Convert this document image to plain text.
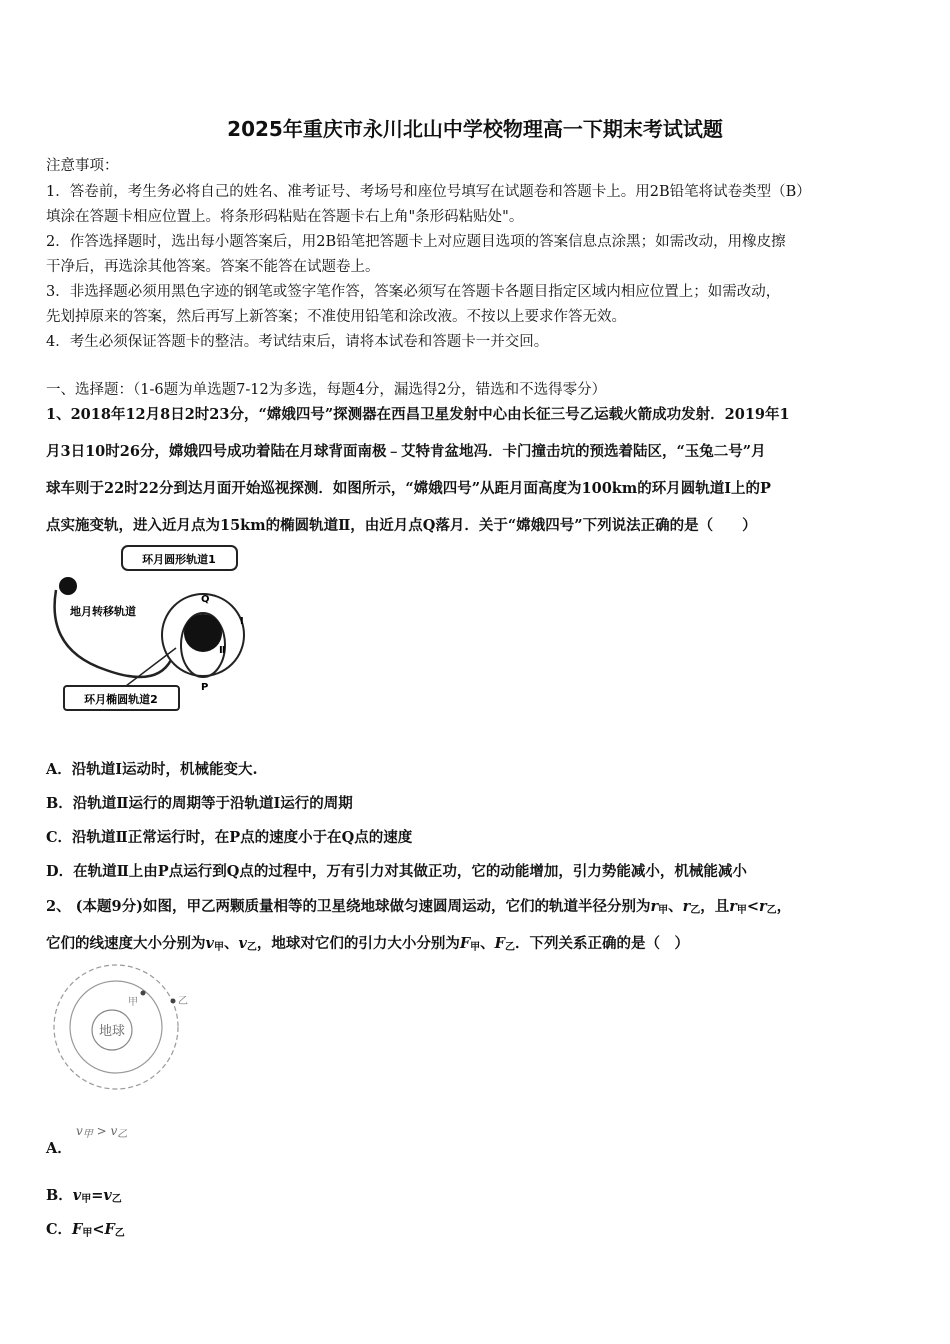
2025年重庆市永川北山中学校物理高一下期末考试试题
注意事项：
1．答卷前，考生务必将自己的姓名、准考证号、考场号和座位号填写在试题卷和答题卡上。用2B铅笔将试卷类型（B）
填涂在答题卡相应位置上。将条形码粘贴在答题卡右上角"条形码粘贴处"。
2．作答选择题时，选出每小题答案后，用2B铅笔把答题卡上对应题目选项的答案信息点涂黑；如需改动，用橡皮擦
干净后，再选涂其他答案。答案不能答在试题卷上。
3．非选择题必须用黑色字迹的钢笔或签字笔作答，答案必须写在答题卡各题目指定区域内相应位置上；如需改动，
先划掉原来的答案，然后再写上新答案；不准使用铅笔和涂改液。不按以上要求作答无效。
4．考生必须保证答题卡的整洁。考试结束后，请将本试卷和答题卡一并交回。
一、选择题：（1-6题为单选题7-12为多选，每题4分，漏选得2分，错选和不选得零分）
1、2018年12月8日2时23分，“嫦娥四号”探测器在西昌卫星发射中心由长征三号乙运载火箭成功发射．2019年1
月3日10时26分，嫦娥四号成功着陆在月球背面南极﹣艾特肯盆地冯．卡门撞击坑的预选着陆区，“玉兔二号”月
球车则于22时22分到达月面开始巡视探测．如图所示，“嫦娥四号”从距月面高度为100km的环月圆轨道Ⅰ上的P
点实施变轨，进入近月点为15km的椭圆轨道Ⅱ，由近月点Q落月．关于“嫦娥四号”下列说法正确的是（　　）
环月圆形轨道1
地月转移轨道
Q
I
Ⅱ
P
环月椭圆轨道2
A．沿轨道Ⅰ运动时，机械能变大.
B．沿轨道Ⅱ运行的周期等于沿轨道Ⅰ运行的周期
C．沿轨道Ⅱ正常运行时，在P点的速度小于在Q点的速度
D．在轨道Ⅱ上由P点运行到Q点的过程中，万有引力对其做正功，它的动能增加，引力势能减小，机械能减小
2、 (本题9分)如图，甲乙两颗质量相等的卫星绕地球做匀速圆周运动，它们的轨道半径分别为$r_甲$、$r_乙$，且$r_甲<r_乙$，
它们的线速度大小分别为$v_甲$、$v_乙$，地球对它们的引力大小分别为$F_甲$、$F_乙$．下列关系正确的是（　）
地球
甲	乙
A．
$v_甲 > v_乙$
B．$v_甲=v_乙$
C．$F_甲<F_乙$
